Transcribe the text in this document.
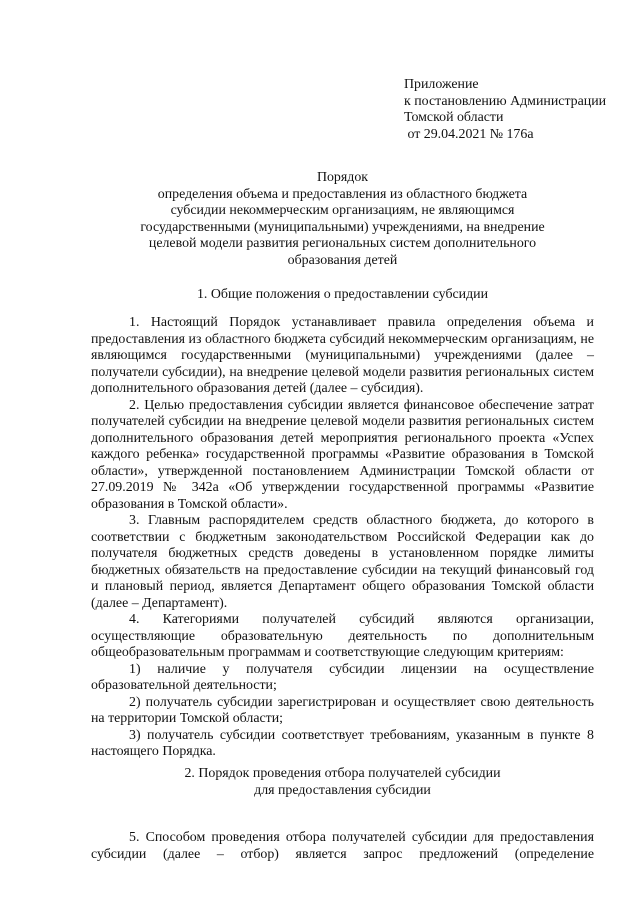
Приложение
к постановлению Администрации
Томской области
от 29.04.2021 № 176а
Порядок
определения объема и предоставления из областного бюджета
субсидии некоммерческим организациям, не являющимся
государственными (муниципальными) учреждениями, на внедрение
целевой модели развития региональных систем дополнительного
образования детей
1. Общие положения о предоставлении субсидии
1. Настоящий Порядок устанавливает правила определения объема и предоставления из областного бюджета субсидий некоммерческим организациям, не являющимся государственными (муниципальными) учреждениями (далее – получатели субсидии), на внедрение целевой модели развития региональных систем дополнительного образования детей (далее – субсидия).
2. Целью предоставления субсидии является финансовое обеспечение затрат получателей субсидии на внедрение целевой модели развития региональных систем дополнительного образования детей мероприятия регионального проекта «Успех каждого ребенка» государственной программы «Развитие образования в Томской области», утвержденной постановлением Администрации Томской области от 27.09.2019 № 342а «Об утверждении государственной программы «Развитие образования в Томской области».
3. Главным распорядителем средств областного бюджета, до которого в соответствии с бюджетным законодательством Российской Федерации как до получателя бюджетных средств доведены в установленном порядке лимиты бюджетных обязательств на предоставление субсидии на текущий финансовый год и плановый период, является Департамент общего образования Томской области (далее – Департамент).
4. Категориями получателей субсидий являются организации, осуществляющие образовательную деятельность по дополнительным общеобразовательным программам и соответствующие следующим критериям:
1) наличие у получателя субсидии лицензии на осуществление образовательной деятельности;
2) получатель субсидии зарегистрирован и осуществляет свою деятельность на территории Томской области;
3) получатель субсидии соответствует требованиям, указанным в пункте 8 настоящего Порядка.
2. Порядок проведения отбора получателей субсидии
для предоставления субсидии
5. Способом проведения отбора получателей субсидии для предоставления субсидии (далее – отбор) является запрос предложений (определение
